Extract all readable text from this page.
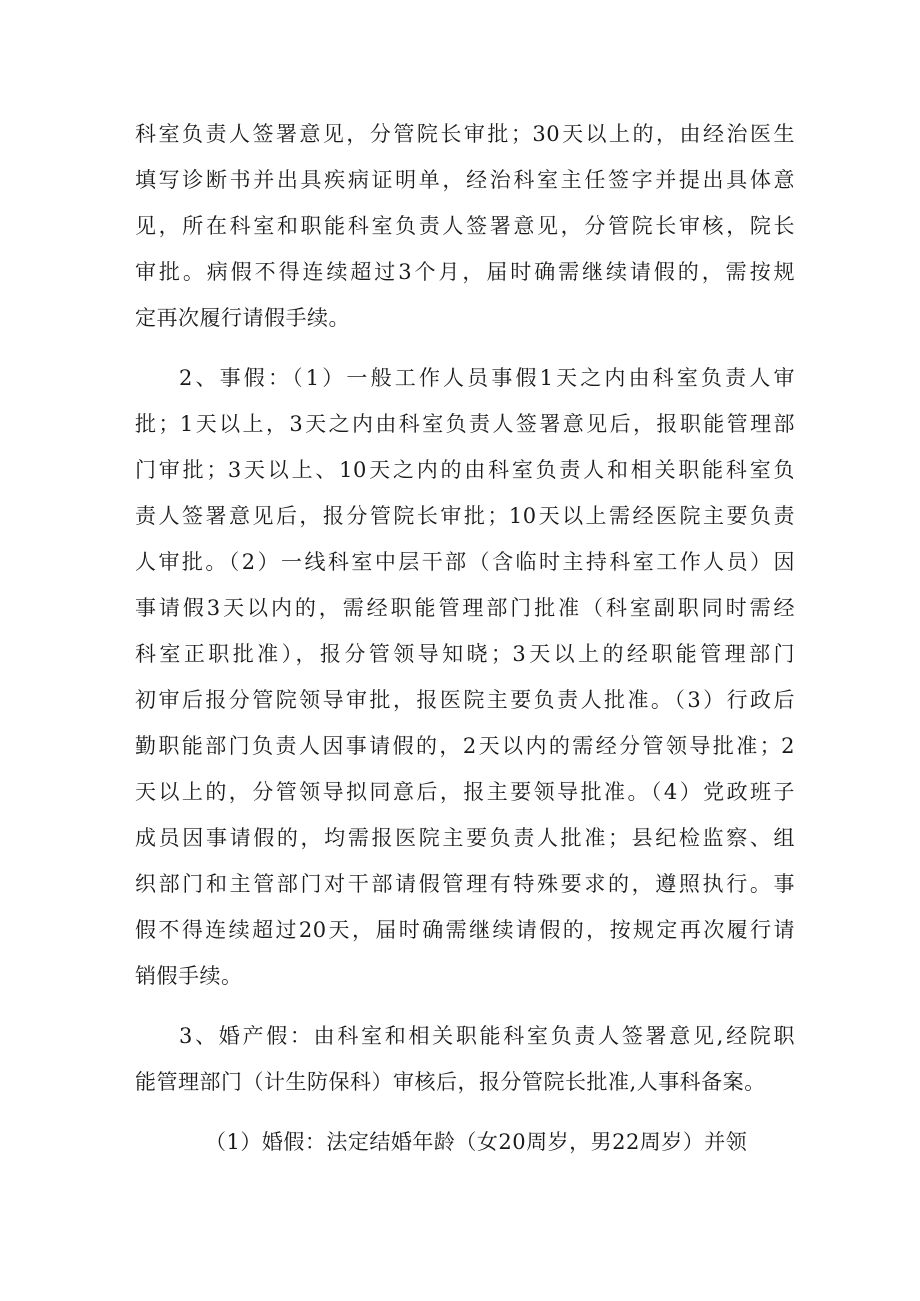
科室负责人签署意见，分管院长审批；30天以上的，由经治医生
填写诊断书并出具疾病证明单，经治科室主任签字并提出具体意
见，所在科室和职能科室负责人签署意见，分管院长审核，院长
审批。病假不得连续超过3个月，届时确需继续请假的，需按规
定再次履行请假手续。
2、事假：（1）一般工作人员事假1天之内由科室负责人审
批；1天以上，3天之内由科室负责人签署意见后，报职能管理部
门审批；3天以上、10天之内的由科室负责人和相关职能科室负
责人签署意见后，报分管院长审批；10天以上需经医院主要负责
人审批。（2）一线科室中层干部（含临时主持科室工作人员）因
事请假3天以内的，需经职能管理部门批准（科室副职同时需经
科室正职批准），报分管领导知晓；3天以上的经职能管理部门
初审后报分管院领导审批，报医院主要负责人批准。（3）行政后
勤职能部门负责人因事请假的，2天以内的需经分管领导批准；2
天以上的，分管领导拟同意后，报主要领导批准。（4）党政班子
成员因事请假的，均需报医院主要负责人批准；县纪检监察、组
织部门和主管部门对干部请假管理有特殊要求的，遵照执行。事
假不得连续超过20天，届时确需继续请假的，按规定再次履行请
销假手续。
3、婚产假：由科室和相关职能科室负责人签署意见,经院职
能管理部门（计生防保科）审核后，报分管院长批准,人事科备案。
（1）婚假：法定结婚年龄（女20周岁，男22周岁）并领
